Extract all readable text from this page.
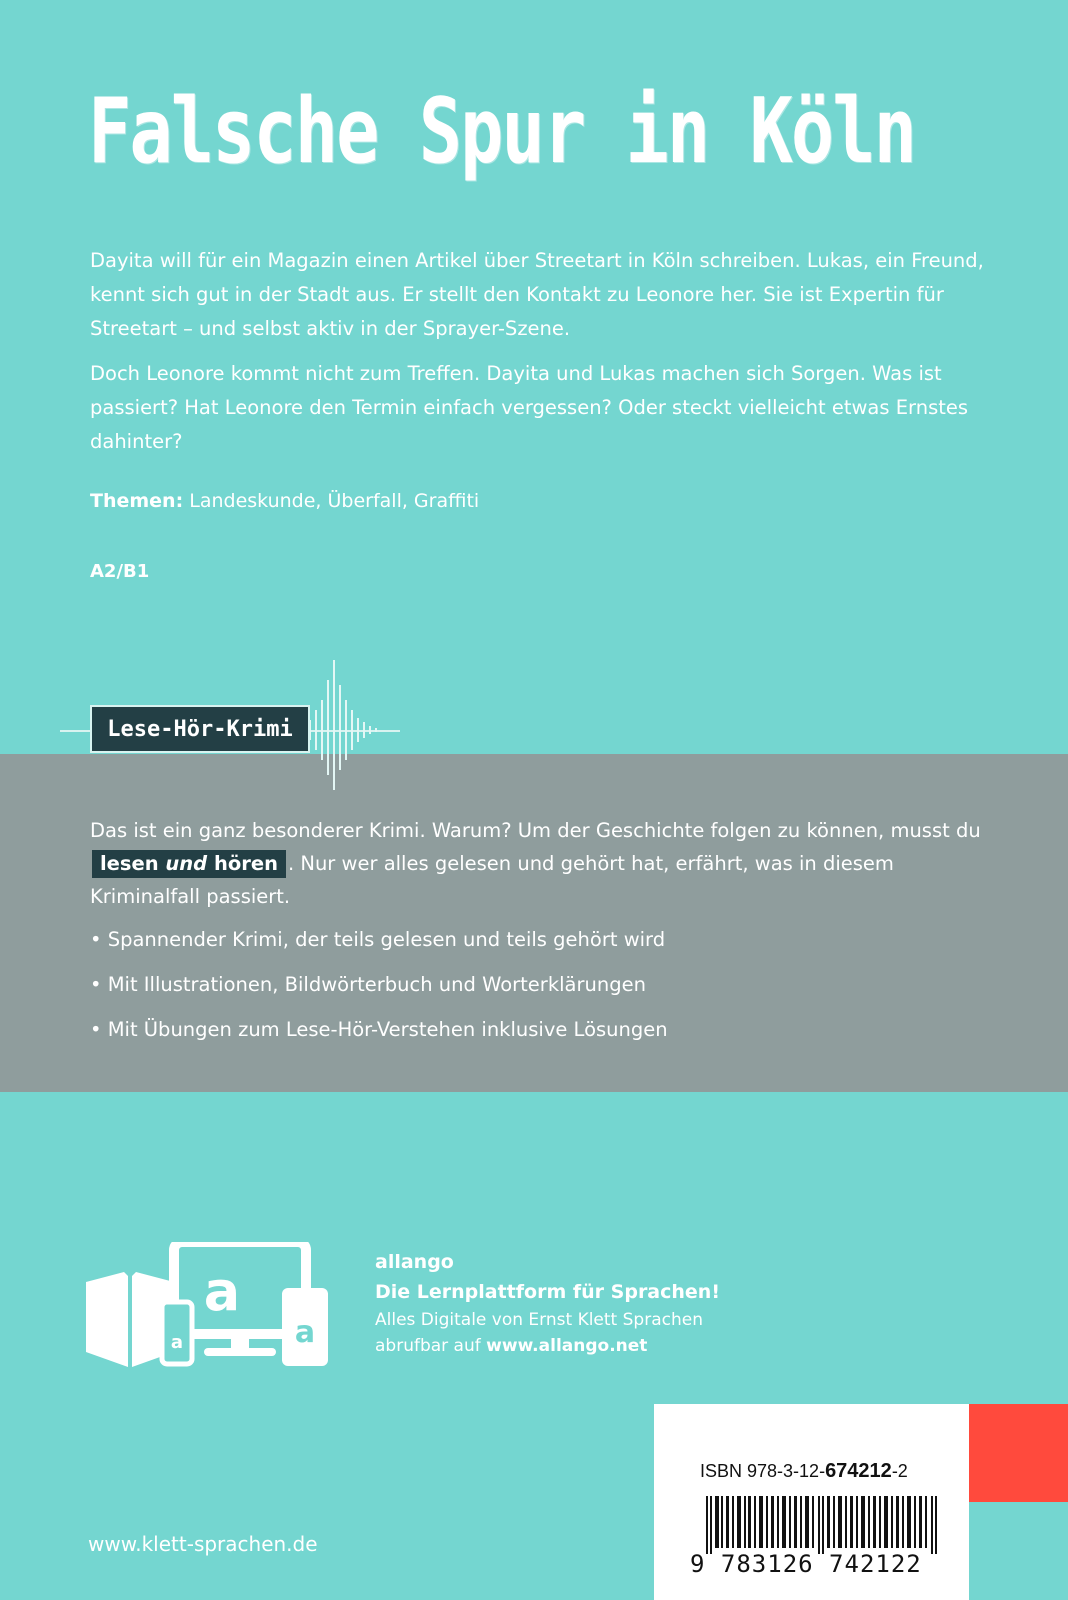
Falsche Spur in Köln
Dayita will für ein Magazin einen Artikel über Streetart in Köln schreiben. Lukas, ein Freund, kennt sich gut in der Stadt aus. Er stellt den Kontakt zu Leonore her. Sie ist Expertin für Streetart – und selbst aktiv in der Sprayer-Szene.
Doch Leonore kommt nicht zum Treffen. Dayita und Lukas machen sich Sorgen. Was ist passiert? Hat Leonore den Termin einfach vergessen? Oder steckt vielleicht etwas Ernstes dahinter?
Themen: Landeskunde, Überfall, Graffiti
A2/B1
Lese-Hör-Krimi
Das ist ein ganz besonderer Krimi. Warum? Um der Geschichte folgen zu können, musst du lesen und hören . Nur wer alles gelesen und gehört hat, erfährt, was in diesem Kriminalfall passiert.
• Spannender Krimi, der teils gelesen und teils gehört wird
• Mit Illustrationen, Bildwörterbuch und Worterklärungen
• Mit Übungen zum Lese-Hör-Verstehen inklusive Lösungen
a
a	a
allango
Die Lernplattform für Sprachen!
Alles Digitale von Ernst Klett Sprachen
abrufbar auf www.allango.net
ISBN 978-3-12-674212-2
9 783126 742122
www.klett-sprachen.de
